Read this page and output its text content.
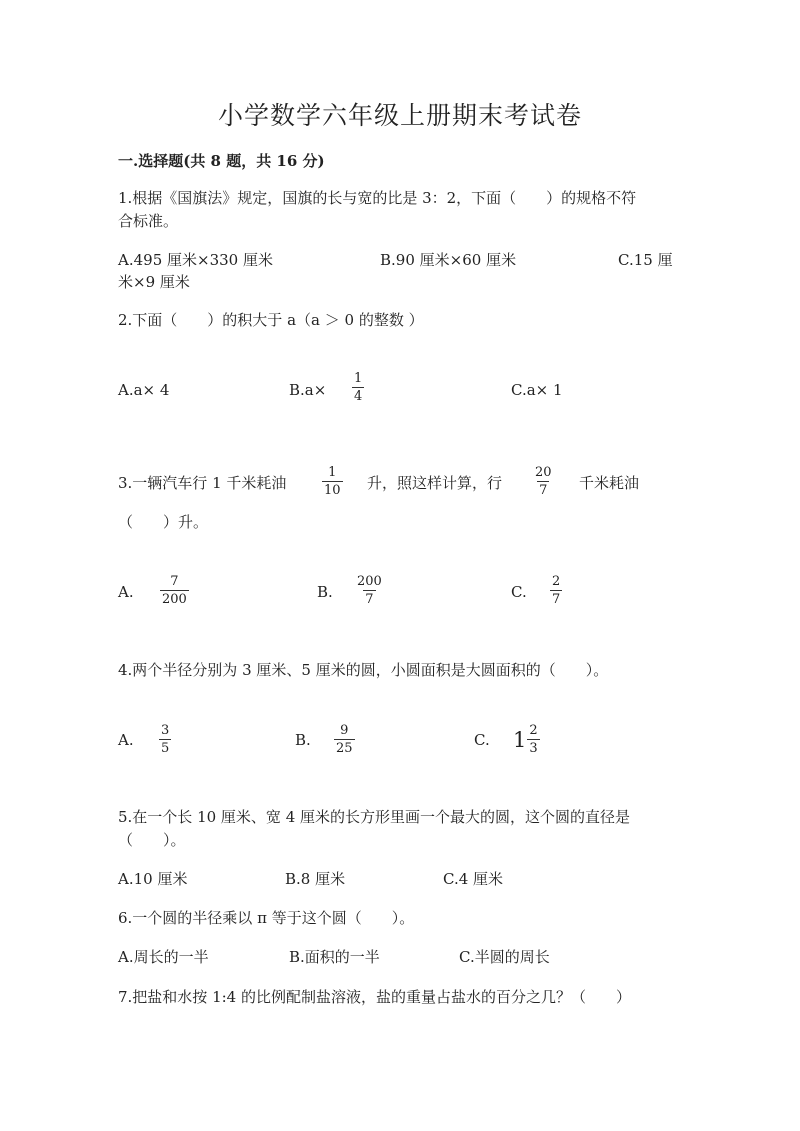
小学数学六年级上册期末考试卷
一.选择题(共 8 题，共 16 分)
1.根据《国旗法》规定，国旗的长与宽的比是 3：2，下面（　　）的规格不符
合标准。
A.495 厘米×330 厘米	B.90 厘米×60 厘米	C.15 厘
米×9 厘米
2.下面（　　）的积大于 a（a ＞ 0 的整数 ）
A.a× 4	$B.a\times \frac{1}{4}$	C.a× 1
3.一辆汽车行 1 千米耗油	$\frac{1}{10}$ 升，照这样计算，行 $\frac{20}{7}$ 千米耗油
（　　）升。
A. $\frac{7}{200}$	B. $\frac{200}{7}$	C. $\frac{2}{7}$
4.两个半径分别为 3 厘米、5 厘米的圆，小圆面积是大圆面积的（　　）。
A. $\frac{3}{5}$	B. $\frac{9}{25}$	C. $1 \frac{2}{3}$
5.在一个长 10 厘米、宽 4 厘米的长方形里画一个最大的圆，这个圆的直径是
（　　）。
A.10 厘米	B.8 厘米	C.4 厘米
6.一个圆的半径乘以 π 等于这个圆（　　）。
A.周长的一半	B.面积的一半	C.半圆的周长
7.把盐和水按 1:4 的比例配制盐溶液，盐的重量占盐水的百分之几？（　　）
